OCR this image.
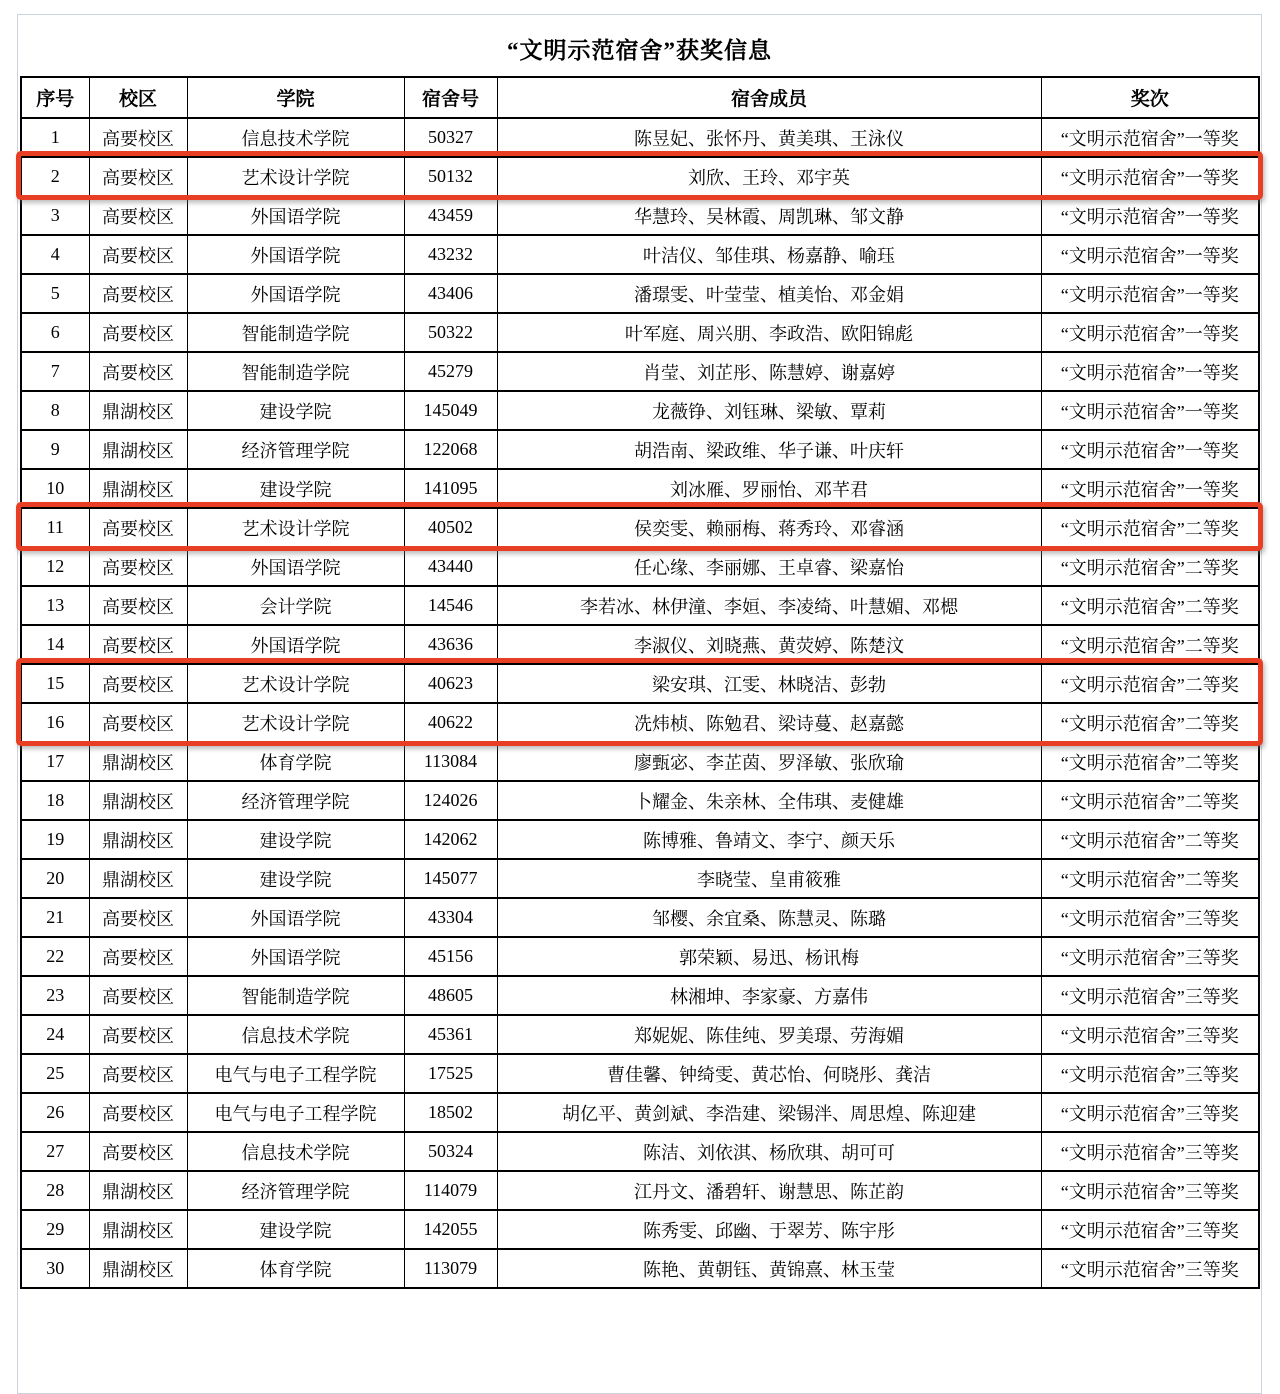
“文明示范宿舍”获奖信息
序号	校区	学院	宿舍号	宿舍成员	奖次
1	高要校区	信息技术学院	50327	陈昱妃、张怀丹、黄美琪、王泳仪	“文明示范宿舍”一等奖
2	高要校区	艺术设计学院	50132	刘欣、王玲、邓宇英	“文明示范宿舍”一等奖
3	高要校区	外国语学院	43459	华慧玲、吴林霞、周凯琳、邹文静	“文明示范宿舍”一等奖
4	高要校区	外国语学院	43232	叶洁仪、邹佳琪、杨嘉静、喻珏	“文明示范宿舍”一等奖
5	高要校区	外国语学院	43406	潘璟雯、叶莹莹、植美怡、邓金娟	“文明示范宿舍”一等奖
6	高要校区	智能制造学院	50322	叶军庭、周兴朋、李政浩、欧阳锦彪	“文明示范宿舍”一等奖
7	高要校区	智能制造学院	45279	肖莹、刘芷彤、陈慧婷、谢嘉婷	“文明示范宿舍”一等奖
8	鼎湖校区	建设学院	145049	龙薇铮、刘钰琳、梁敏、覃莉	“文明示范宿舍”一等奖
9	鼎湖校区	经济管理学院	122068	胡浩南、梁政维、华子谦、叶庆轩	“文明示范宿舍”一等奖
10	鼎湖校区	建设学院	141095	刘冰雁、罗丽怡、邓芊君	“文明示范宿舍”一等奖
11	高要校区	艺术设计学院	40502	侯奕雯、赖丽梅、蒋秀玲、邓睿涵	“文明示范宿舍”二等奖
12	高要校区	外国语学院	43440	任心缘、李丽娜、王卓睿、梁嘉怡	“文明示范宿舍”二等奖
13	高要校区	会计学院	14546	李若冰、林伊潼、李姮、李凌绮、叶慧媚、邓楒	“文明示范宿舍”二等奖
14	高要校区	外国语学院	43636	李淑仪、刘晓燕、黄荧婷、陈楚汶	“文明示范宿舍”二等奖
15	高要校区	艺术设计学院	40623	梁安琪、江雯、林晓洁、彭勃	“文明示范宿舍”二等奖
16	高要校区	艺术设计学院	40622	冼炜桢、陈勉君、梁诗蔓、赵嘉懿	“文明示范宿舍”二等奖
17	鼎湖校区	体育学院	113084	廖甄宓、李芷茵、罗泽敏、张欣瑜	“文明示范宿舍”二等奖
18	鼎湖校区	经济管理学院	124026	卜耀金、朱亲林、全伟琪、麦健雄	“文明示范宿舍”二等奖
19	鼎湖校区	建设学院	142062	陈博雅、鲁靖文、李宁、颜天乐	“文明示范宿舍”二等奖
20	鼎湖校区	建设学院	145077	李晓莹、皇甫筱雅	“文明示范宿舍”二等奖
21	高要校区	外国语学院	43304	邹樱、余宜桑、陈慧灵、陈璐	“文明示范宿舍”三等奖
22	高要校区	外国语学院	45156	郭荣颖、易迅、杨讯梅	“文明示范宿舍”三等奖
23	高要校区	智能制造学院	48605	林湘坤、李家豪、方嘉伟	“文明示范宿舍”三等奖
24	高要校区	信息技术学院	45361	郑妮妮、陈佳纯、罗美璟、劳海媚	“文明示范宿舍”三等奖
25	高要校区	电气与电子工程学院	17525	曹佳馨、钟绮雯、黄芯怡、何晓彤、龚洁	“文明示范宿舍”三等奖
26	高要校区	电气与电子工程学院	18502	胡亿平、黄剑斌、李浩建、梁锡泮、周思煌、陈迎建	“文明示范宿舍”三等奖
27	高要校区	信息技术学院	50324	陈洁、刘依淇、杨欣琪、胡可可	“文明示范宿舍”三等奖
28	鼎湖校区	经济管理学院	114079	江丹文、潘碧轩、谢慧思、陈芷韵	“文明示范宿舍”三等奖
29	鼎湖校区	建设学院	142055	陈秀雯、邱幽、于翠芳、陈宇彤	“文明示范宿舍”三等奖
30	鼎湖校区	体育学院	113079	陈艳、黄朝钰、黄锦熹、林玉莹	“文明示范宿舍”三等奖
